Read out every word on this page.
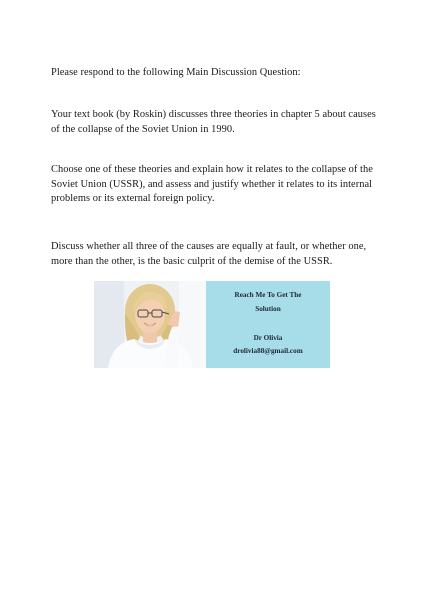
Please respond to the following Main Discussion Question:

Your text book (by Roskin) discusses three theories in chapter 5 about causes of the collapse of the Soviet Union in 1990.

Choose one of these theories and explain how it relates to the collapse of the Soviet Union (USSR), and assess and justify whether it relates to its internal problems or its external foreign policy.

Discuss whether all three of the causes are equally at fault, or whether one, more than the other, is the basic culprit of the demise of the USSR.

Reach Me To Get The
Solution
Dr Olivia
drolivia88@gmail.com
